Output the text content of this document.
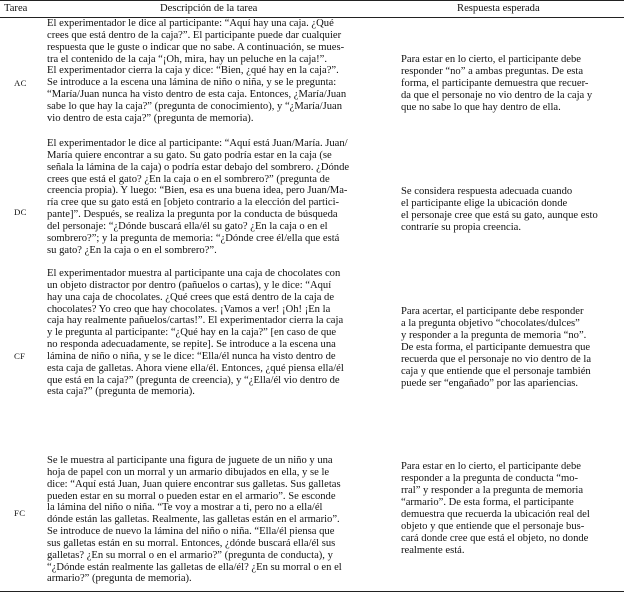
Tarea	Descripción de la tarea	Respuesta esperada
AC
El experimentador le dice al participante: “Aquí hay una caja. ¿Qué
crees que está dentro de la caja?”. El participante puede dar cualquier
respuesta que le guste o indicar que no sabe. A continuación, se mues-
tra el contenido de la caja “¡Oh, mira, hay un peluche en la caja!”.
El experimentador cierra la caja y dice: “Bien, ¿qué hay en la caja?”.
Se introduce a la escena una lámina de niño o niña, y se le pregunta:
“María/Juan nunca ha visto dentro de esta caja. Entonces, ¿María/Juan
sabe lo que hay la caja?” (pregunta de conocimiento), y “¿María/Juan
vio dentro de esta caja?” (pregunta de memoria).
Para estar en lo cierto, el participante debe
responder “no” a ambas preguntas. De esta
forma, el participante demuestra que recuer-
da que el personaje no vio dentro de la caja y
que no sabe lo que hay dentro de ella.
DC
El experimentador le dice al participante: “Aquí está Juan/María. Juan/
María quiere encontrar a su gato. Su gato podría estar en la caja (se
señala la lámina de la caja) o podría estar debajo del sombrero. ¿Dónde
crees que está el gato? ¿En la caja o en el sombrero?” (pregunta de
creencia propia). Y luego: “Bien, esa es una buena idea, pero Juan/Ma-
ría cree que su gato está en [objeto contrario a la elección del partici-
pante]”. Después, se realiza la pregunta por la conducta de búsqueda
del personaje: “¿Dónde buscará ella/él su gato? ¿En la caja o en el
sombrero?”; y la pregunta de memoria: “¿Dónde cree él/ella que está
su gato? ¿En la caja o en el sombrero?”.
Se considera respuesta adecuada cuando
el participante elige la ubicación donde
el personaje cree que está su gato, aunque esto
contraríe su propia creencia.
CF
El experimentador muestra al participante una caja de chocolates con
un objeto distractor por dentro (pañuelos o cartas), y le dice: “Aquí
hay una caja de chocolates. ¿Qué crees que está dentro de la caja de
chocolates? Yo creo que hay chocolates. ¡Vamos a ver! ¡Oh! ¡En la
caja hay realmente pañuelos/cartas!”. El experimentador cierra la caja
y le pregunta al participante: “¿Qué hay en la caja?” [en caso de que
no responda adecuadamente, se repite]. Se introduce a la escena una
lámina de niño o niña, y se le dice: “Ella/él nunca ha visto dentro de
esta caja de galletas. Ahora viene ella/él. Entonces, ¿qué piensa ella/él
que está en la caja?” (pregunta de creencia), y “¿Ella/él vio dentro de
esta caja?” (pregunta de memoria).
Para acertar, el participante debe responder
a la pregunta objetivo “chocolates/dulces”
y responder a la pregunta de memoria “no”.
De esta forma, el participante demuestra que
recuerda que el personaje no vio dentro de la
caja y que entiende que el personaje también
puede ser “engañado” por las apariencias.
FC
Se le muestra al participante una figura de juguete de un niño y una
hoja de papel con un morral y un armario dibujados en ella, y se le
dice: “Aquí está Juan, Juan quiere encontrar sus galletas. Sus galletas
pueden estar en su morral o pueden estar en el armario”. Se esconde
la lámina del niño o niña. “Te voy a mostrar a ti, pero no a ella/él
dónde están las galletas. Realmente, las galletas están en el armario”.
Se introduce de nuevo la lámina del niño o niña. “Ella/él piensa que
sus galletas están en su morral. Entonces, ¿dónde buscará ella/él sus
galletas? ¿En su morral o en el armario?” (pregunta de conducta), y
“¿Dónde están realmente las galletas de ella/él? ¿En su morral o en el
armario?” (pregunta de memoria).
Para estar en lo cierto, el participante debe
responder a la pregunta de conducta “mo-
rral” y responder a la pregunta de memoria
“armario”. De esta forma, el participante
demuestra que recuerda la ubicación real del
objeto y que entiende que el personaje bus-
cará donde cree que está el objeto, no donde
realmente está.
